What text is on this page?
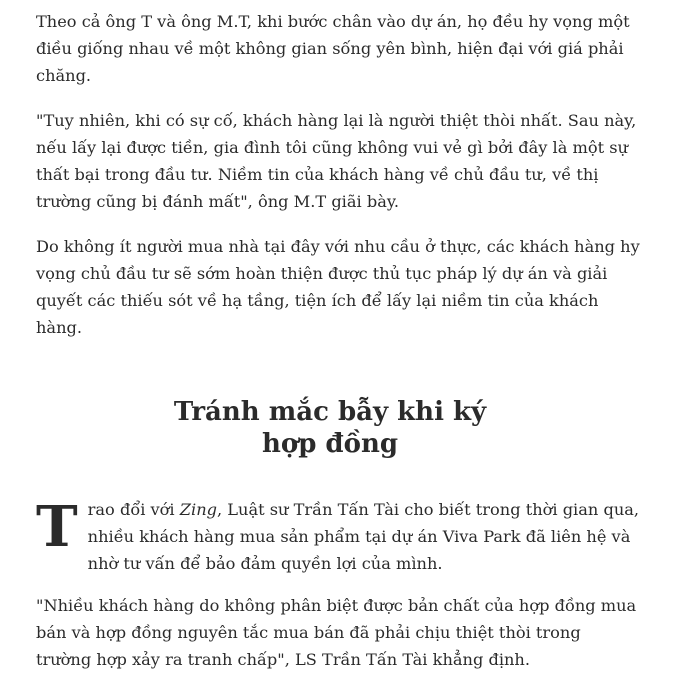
Theo cả ông T và ông M.T, khi bước chân vào dự án, họ đều hy vọng một điều giống nhau về một không gian sống yên bình, hiện đại với giá phải chăng.

"Tuy nhiên, khi có sự cố, khách hàng lại là người thiệt thòi nhất. Sau này, nếu lấy lại được tiền, gia đình tôi cũng không vui vẻ gì bởi đây là một sự thất bại trong đầu tư. Niềm tin của khách hàng về chủ đầu tư, về thị trường cũng bị đánh mất", ông M.T giãi bày.

Do không ít người mua nhà tại đây với nhu cầu ở thực, các khách hàng hy vọng chủ đầu tư sẽ sớm hoàn thiện được thủ tục pháp lý dự án và giải quyết các thiếu sót về hạ tầng, tiện ích để lấy lại niềm tin của khách hàng.

Tránh mắc bẫy khi ký hợp đồng

Trao đổi với Zing, Luật sư Trần Tấn Tài cho biết trong thời gian qua, nhiều khách hàng mua sản phẩm tại dự án Viva Park đã liên hệ và nhờ tư vấn để bảo đảm quyền lợi của mình.

"Nhiều khách hàng do không phân biệt được bản chất của hợp đồng mua bán và hợp đồng nguyên tắc mua bán đã phải chịu thiệt thòi trong trường hợp xảy ra tranh chấp", LS Trần Tấn Tài khẳng định.
